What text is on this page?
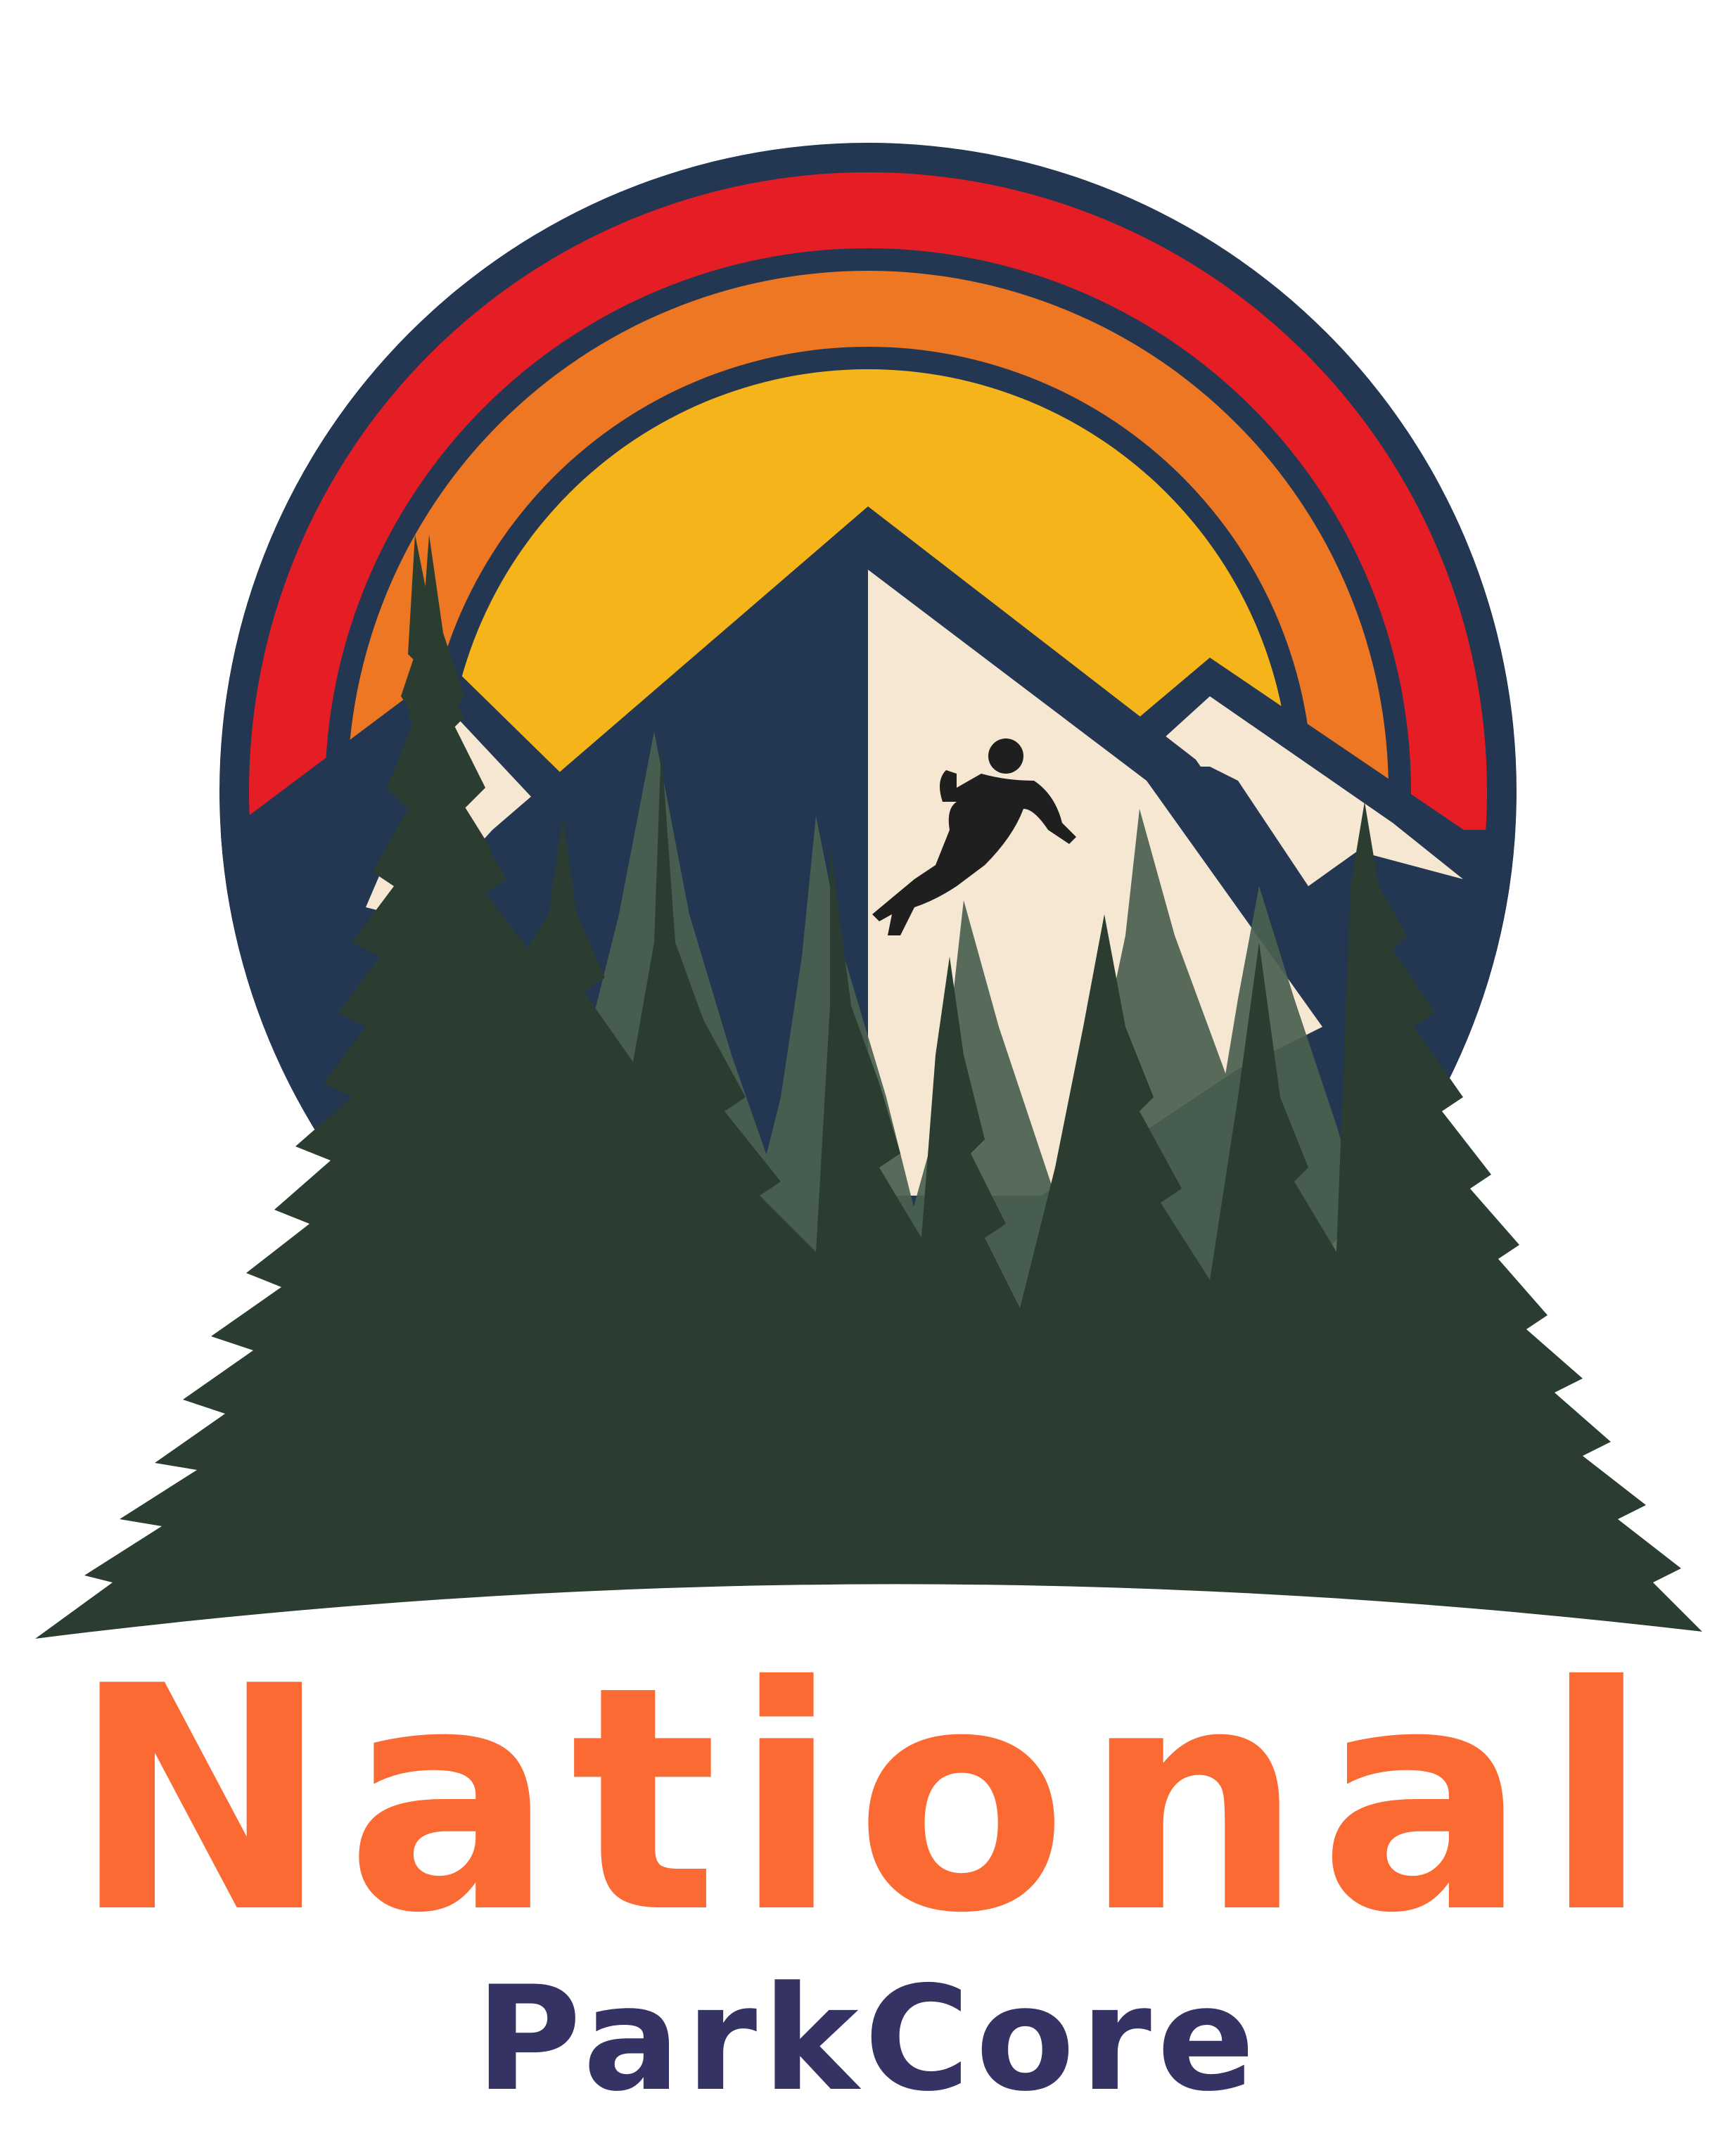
National
ParkCore
